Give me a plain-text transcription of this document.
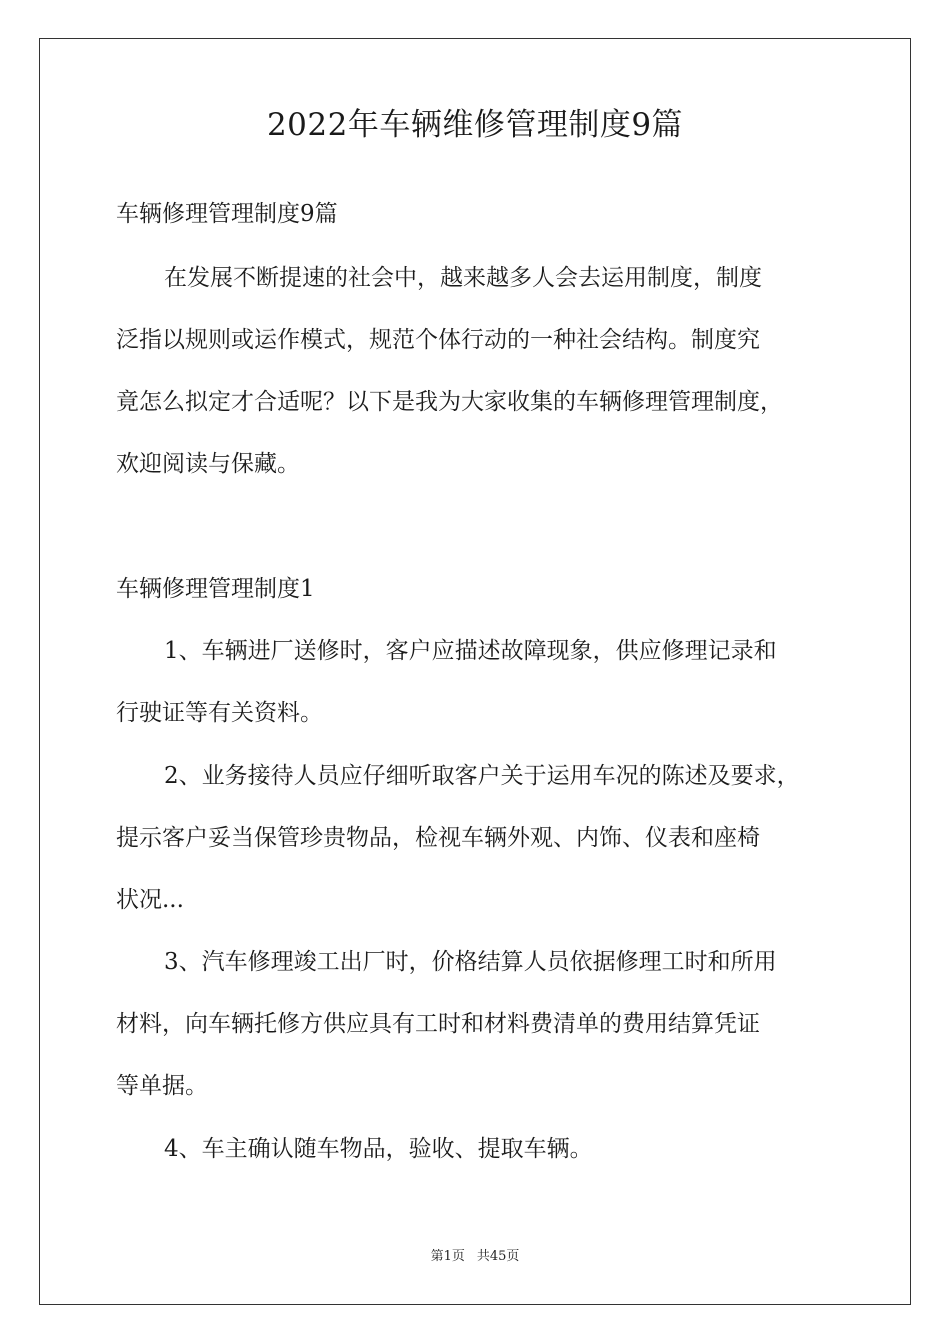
2022年车辆维修管理制度9篇
车辆修理管理制度9篇
在发展不断提速的社会中，越来越多人会去运用制度，制度
泛指以规则或运作模式，规范个体行动的一种社会结构。制度究
竟怎么拟定才合适呢？以下是我为大家收集的车辆修理管理制度，
欢迎阅读与保藏。
车辆修理管理制度1
1、车辆进厂送修时，客户应描述故障现象，供应修理记录和
行驶证等有关资料。
2、业务接待人员应仔细听取客户关于运用车况的陈述及要求，
提示客户妥当保管珍贵物品，检视车辆外观、内饰、仪表和座椅
状况...
3、汽车修理竣工出厂时，价格结算人员依据修理工时和所用
材料，向车辆托修方供应具有工时和材料费清单的费用结算凭证
等单据。
4、车主确认随车物品，验收、提取车辆。
第1页 共45页
